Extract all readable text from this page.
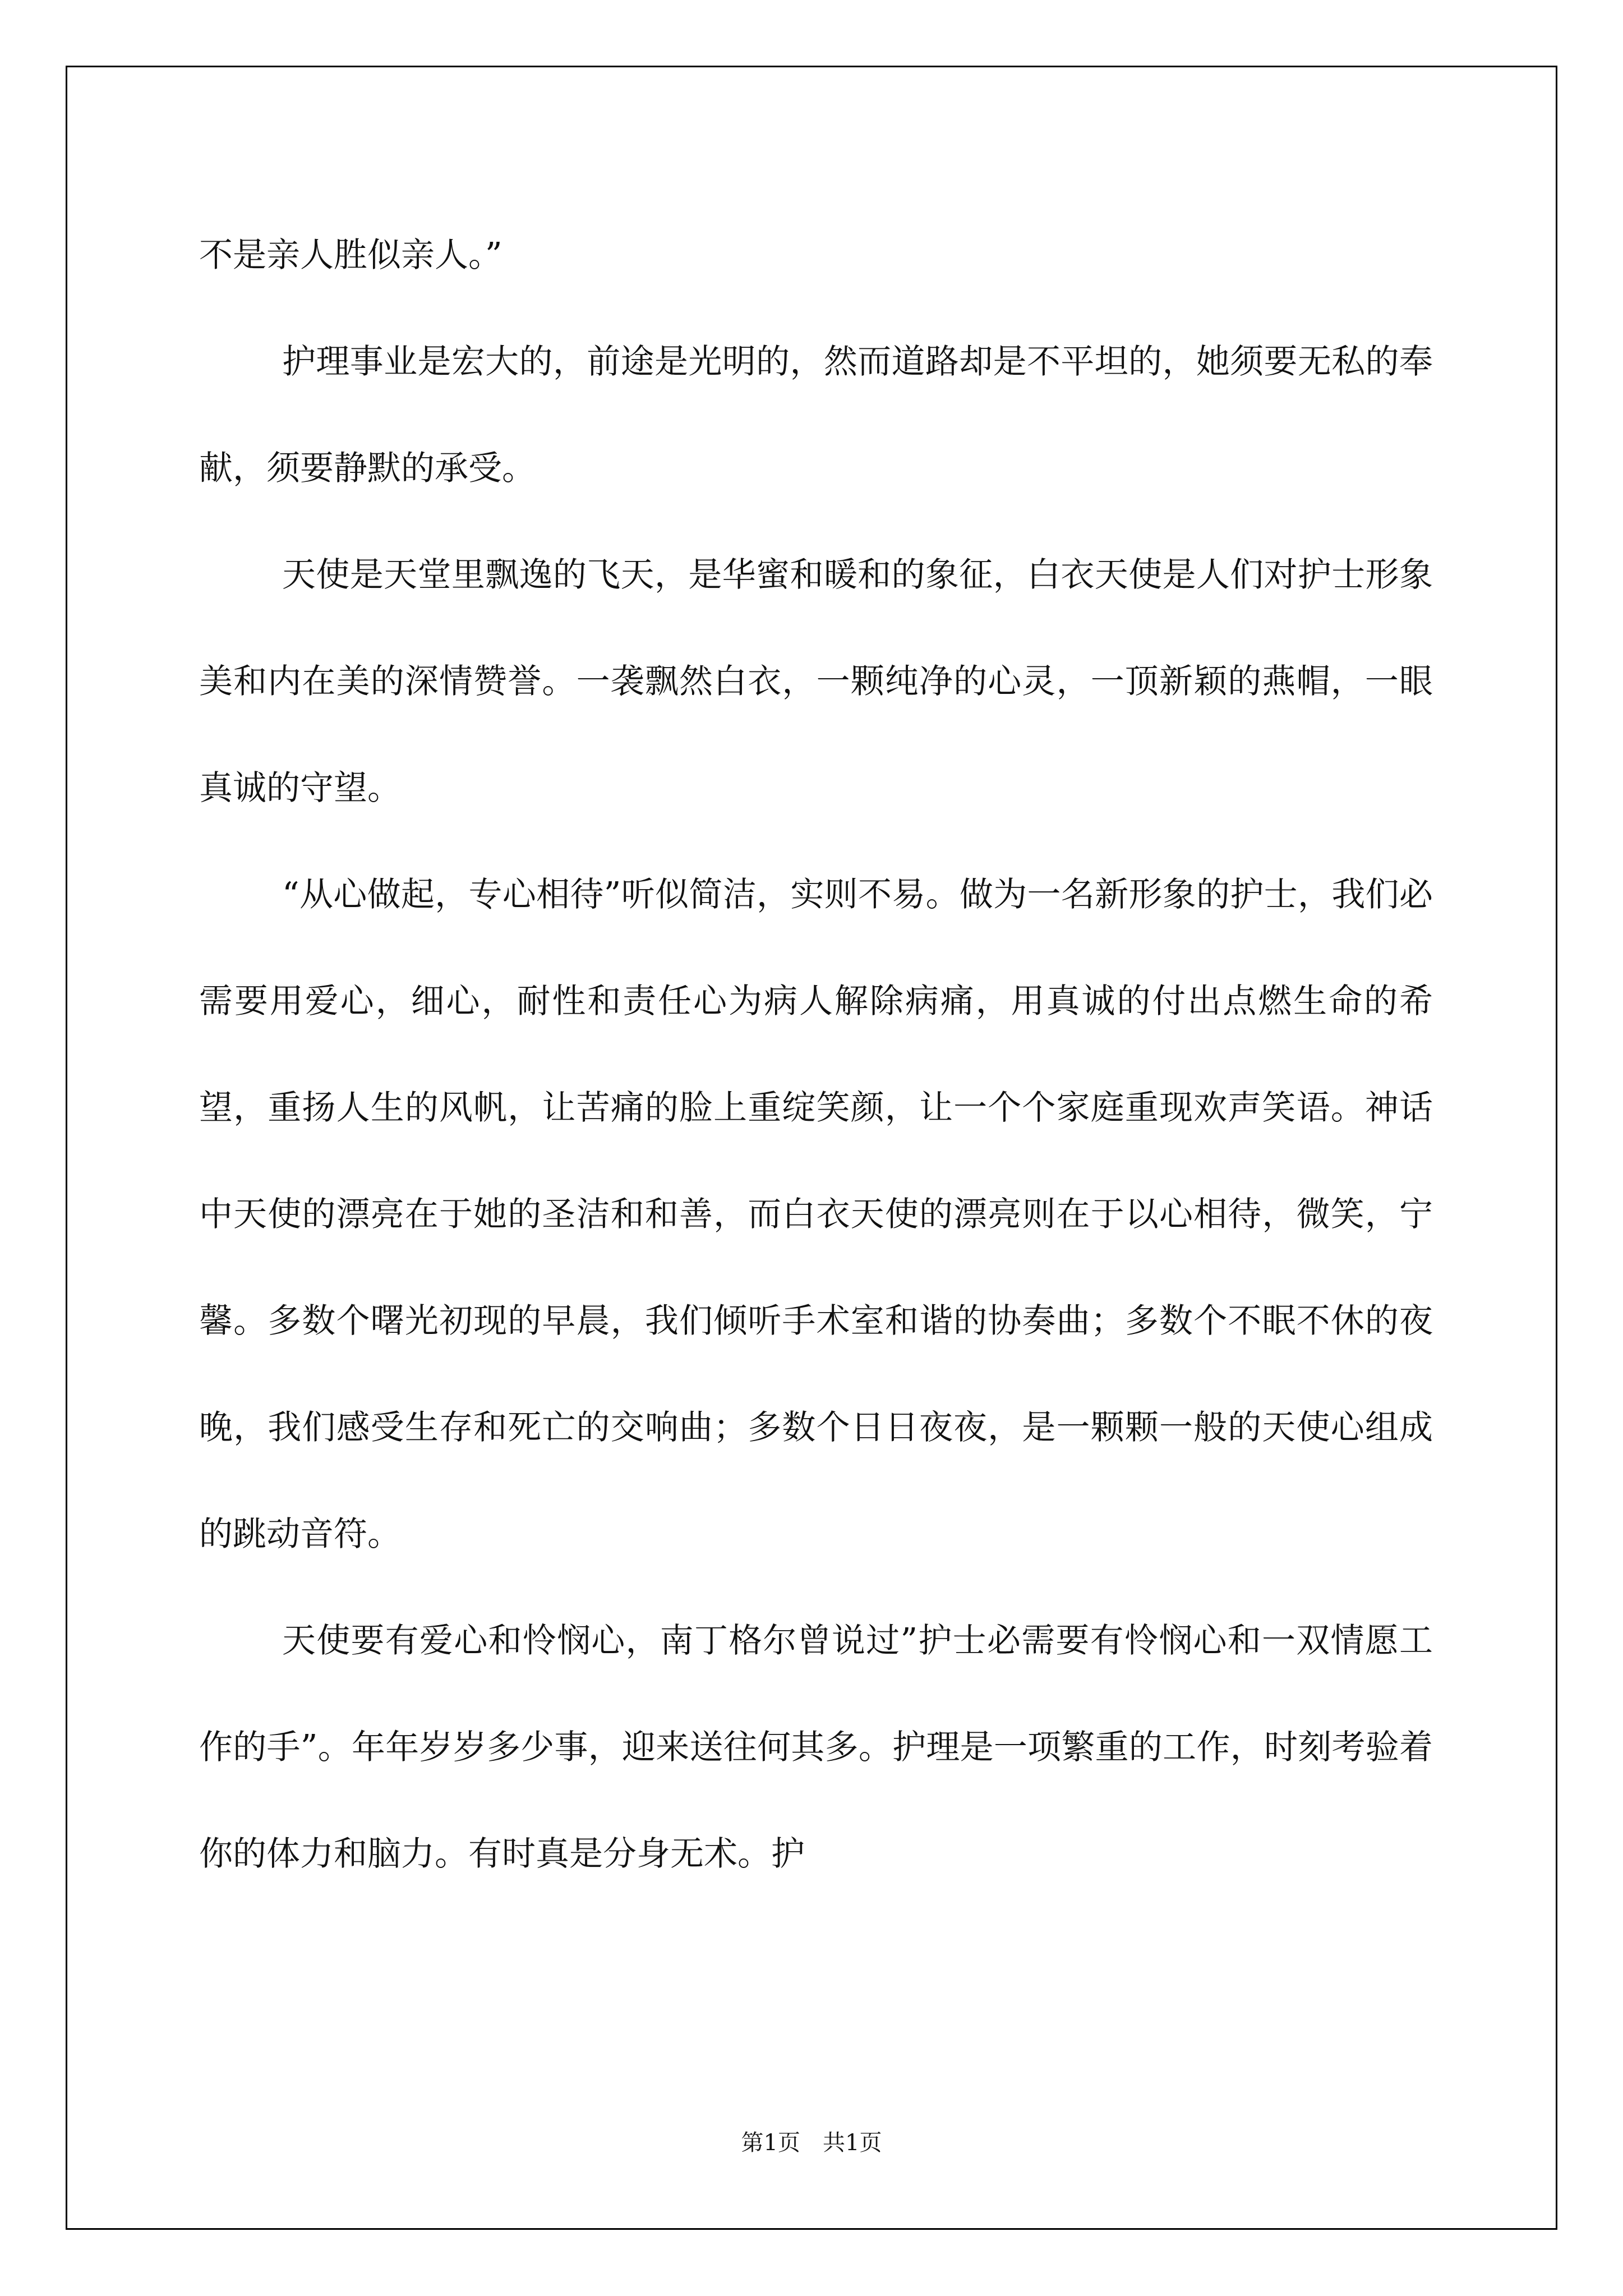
不是亲人胜似亲人。”

护理事业是宏大的，前途是光明的，然而道路却是不平坦的，她须要无私的奉献，须要静默的承受。

天使是天堂里飘逸的飞天，是华蜜和暖和的象征，白衣天使是人们对护士形象美和内在美的深情赞誉。一袭飘然白衣，一颗纯净的心灵，一顶新颖的燕帽，一眼真诚的守望。

“从心做起，专心相待”听似简洁，实则不易。做为一名新形象的护士，我们必需要用爱心，细心，耐性和责任心为病人解除病痛，用真诚的付出点燃生命的希望，重扬人生的风帆，让苦痛的脸上重绽笑颜，让一个个家庭重现欢声笑语。神话中天使的漂亮在于她的圣洁和和善，而白衣天使的漂亮则在于以心相待，微笑，宁馨。多数个曙光初现的早晨，我们倾听手术室和谐的协奏曲；多数个不眠不休的夜晚，我们感受生存和死亡的交响曲；多数个日日夜夜，是一颗颗一般的天使心组成的跳动音符。

天使要有爱心和怜悯心，南丁格尔曾说过”护士必需要有怜悯心和一双情愿工作的手”。年年岁岁多少事，迎来送往何其多。护理是一项繁重的工作，时刻考验着你的体力和脑力。有时真是分身无术。护

第1页　共1页
